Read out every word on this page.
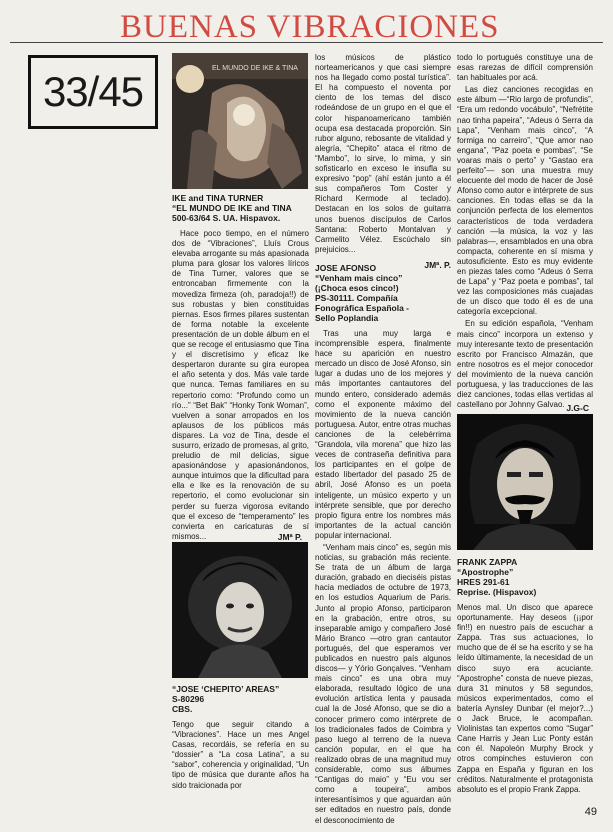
BUENAS VIBRACIONES
33/45	EL MUNDO DE IKE & TINA
IKE and TINA TURNER
“EL MUNDO DE IKE and TINA
500-63/64 S. UA. Hispavox.

Hace poco tiempo, en el número dos de “Vibraciones”, Lluís Crous elevaba arrogante su más apasionada pluma para glosar los valores líricos de Tina Turner, valores que se entroncaban firmemente con la movediza firmeza (oh, paradoja!!) de sus robustas y bien constituidas piernas. Esos firmes pilares sustentan de forma notable la excelente presentación de un doble álbum en el que se recoge el entusiasmo que Tina y el discretísimo y eficaz Ike despertaron durante su gira europea el año setenta y dos. Más vale tarde que nunca. Temas familiares en su repertorio como: “Profundo como un río...” “Bet Bak” “Honky Tonk Woman”, vuelven a sonar arropados en los aplausos de los públicos más dispares. La voz de Tina, desde el susurro, erizado de promesas, al grito, preludio de mil delicias, sigue apasionándose y apasionándonos, aunque intuimos que la dificultad para ella e Ike es la renovación de su repertorio, el como evolucionar sin perder su fuerza vigorosa evitando que el exceso de “temperamento” les convierta en caricaturas de sí mismos...	JMª P.
“JOSE ‘CHEPITO’ AREAS”
S-80296
CBS.

Tengo que seguir citando a “Vibraciones”. Hace un mes Angel Casas, recordáis, se refería en su “dossier” a “La cosa Latina”, a su “sabor”, coherencia y originalidad, “Un tipo de música que durante años ha sido traicionada por

los músicos de plástico norteamericanos y que casi siempre nos ha llegado como postal turística”. El ha compuesto el noventa por ciento de los temas del disco rodeándose de un grupo en el que el color hispanoamericano también ocupa esa destacada proporción. Sin rubor alguno, rebosante de vitalidad y alegría, “Chepito” ataca el ritmo de “Mambo”, lo sirve, lo mima, y sin sofisticarlo en exceso le insufla su expresivo “pop” (ahí están junto a él sus compañeros Tom Coster y Richard Kermode al teclado). Destacan en los solos de guitarra unos buenos discípulos de Carlos Santana: Roberto Montalvan y Carmelito Vélez. Escúchalo sin prejuicios...

JMª. P.
JOSE AFONSO
“Venham mais cinco”
(¡Choca esos cinco!)
PS-30111. Compañía
Fonográfica Española -
Sello Poplandia

Tras una muy larga e incomprensible espera, finalmente hace su aparición en nuestro mercado un disco de José Afonso, sin lugar a dudas uno de los mejores y más importantes cantautores del mundo entero, considerado además como el exponente máximo del movimiento de la nueva canción portuguesa. Autor, entre otras muchas canciones de la celebérrima “Grandola, vila morena” que hizo las veces de contraseña definitiva para los participantes en el golpe de estado libertador del pasado 25 de abril, José Afonso es un poeta inteligente, un músico experto y un intérprete sensible, que por derecho propio figura entre los nombres más importantes de la actual canción popular internacional.

“Venham mais cinco” es, según mis noticias, su grabación más reciente. Se trata de un álbum de larga duración, grabado en dieciséis pistas hacia mediados de octubre de 1973, en los estudios Aquarium de Paris. Junto al propio Afonso, participaron en la grabación, entre otros, su inseparable amigo y compañero José Mário Branco —otro gran cantautor portugués, del que esperamos ver publicados en nuestro país algunos discos— y Yório Gonçalves. “Venham mais cinco” es una obra muy elaborada, resultado lógico de una evolución artística lenta y pausada cual la de José Afonso, que se dio a conocer primero como intérprete de los tradicionales fados de Coimbra y paso luego al terreno de la nueva canción popular, en el que ha realizado obras de una magnitud muy considerable, como sus álbumes “Cantigas do maio” y “Eu vou ser como a toupeira”, ambos interesantísimos y que aguardan aún ser editados en nuestro país, donde el desconocimiento de

todo lo portugués constituye una de esas rarezas de difícil comprensión tan habituales por acá.

Las diez canciones recogidas en este álbum —“Rio largo de profundis”, “Era um redondo vocábulo”, “Nefrétite nao tinha papeira”, “Adeus ó Serra da Lapa”, “Venham mais cinco”, “A formiga no carreiro”, “Que amor nao engana”, “Paz poeta e pombas”, “Se voaras mais o perto” y “Gastao era perfeito”— son una muestra muy elocuente del modo de hacer de José Afonso como autor e intérprete de sus canciones. En todas ellas se da la conjunción perfecta de los elementos característicos de toda verdadera canción —la música, la voz y las palabras—, ensamblados en una obra compacta, coherente en sí misma y autosuficiente. Esto es muy evidente en piezas tales como “Adeus ó Serra de Lapa” y “Paz poeta e pombas”, tal vez las composiciones más cuajadas de un disco que todo él es de una categoría excepcional.

En su edición española, “Venham mais cinco” incorpora un extenso y muy interesante texto de presentación escrito por Francisco Almazán, que entre nosotros es el mejor conocedor del movimiento de la nueva canción portuguesa, y las traducciones de las diez canciones, todas ellas vertidas al castellano por Johnny Galvao. J.G-C
FRANK ZAPPA
“Apostrophe”
HRES 291-61
Reprise. (Hispavox)

Menos mal. Un disco que aparece oportunamente. Hay deseos (¡¡por fin!!) en nuestro país de escuchar a Zappa. Tras sus actuaciones, lo mucho que de él se ha escrito y se ha leído últimamente, la necesidad de un disco suyo era acuciante. “Apostrophe” consta de nueve piezas, dura 31 minutos y 58 segundos, músicos experimentados, como el batería Aynsley Dunbar (el mejor?...) o Jack Bruce, le acompañan. Violinistas tan expertos como “Sugar” Cane Harris y Jean Luc Ponty están con él. Napoleón Murphy Brock y otros compinches estuvieron con Zappa en España y figuran en los créditos. Naturalmente el protagonista absoluto es el propio Frank Zappa.

49
